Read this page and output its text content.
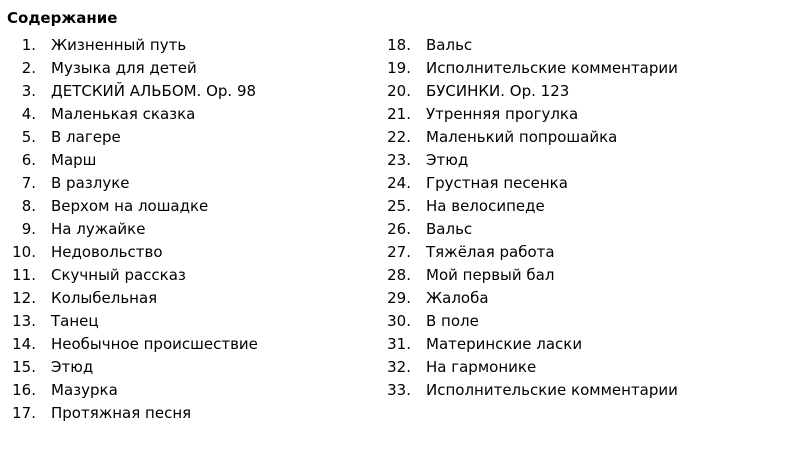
Содержание
1. Жизненный путь
2. Музыка для детей
3. ДЕТСКИЙ АЛЬБОМ. Op. 98
4. Маленькая сказка
5. В лагере
6. Марш
7. В разлуке
8. Верхом на лошадке
9. На лужайке
10. Недовольство
11. Скучный рассказ
12. Колыбельная
13. Танец
14. Необычное происшествие
15. Этюд
16. Мазурка
17. Протяжная песня
18. Вальс
19. Исполнительские комментарии
20. БУСИНКИ. Op. 123
21. Утренняя прогулка
22. Маленький попрошайка
23. Этюд
24. Грустная песенка
25. На велосипеде
26. Вальс
27. Тяжёлая работа
28. Мой первый бал
29. Жалоба
30. В поле
31. Материнские ласки
32. На гармонике
33. Исполнительские комментарии
